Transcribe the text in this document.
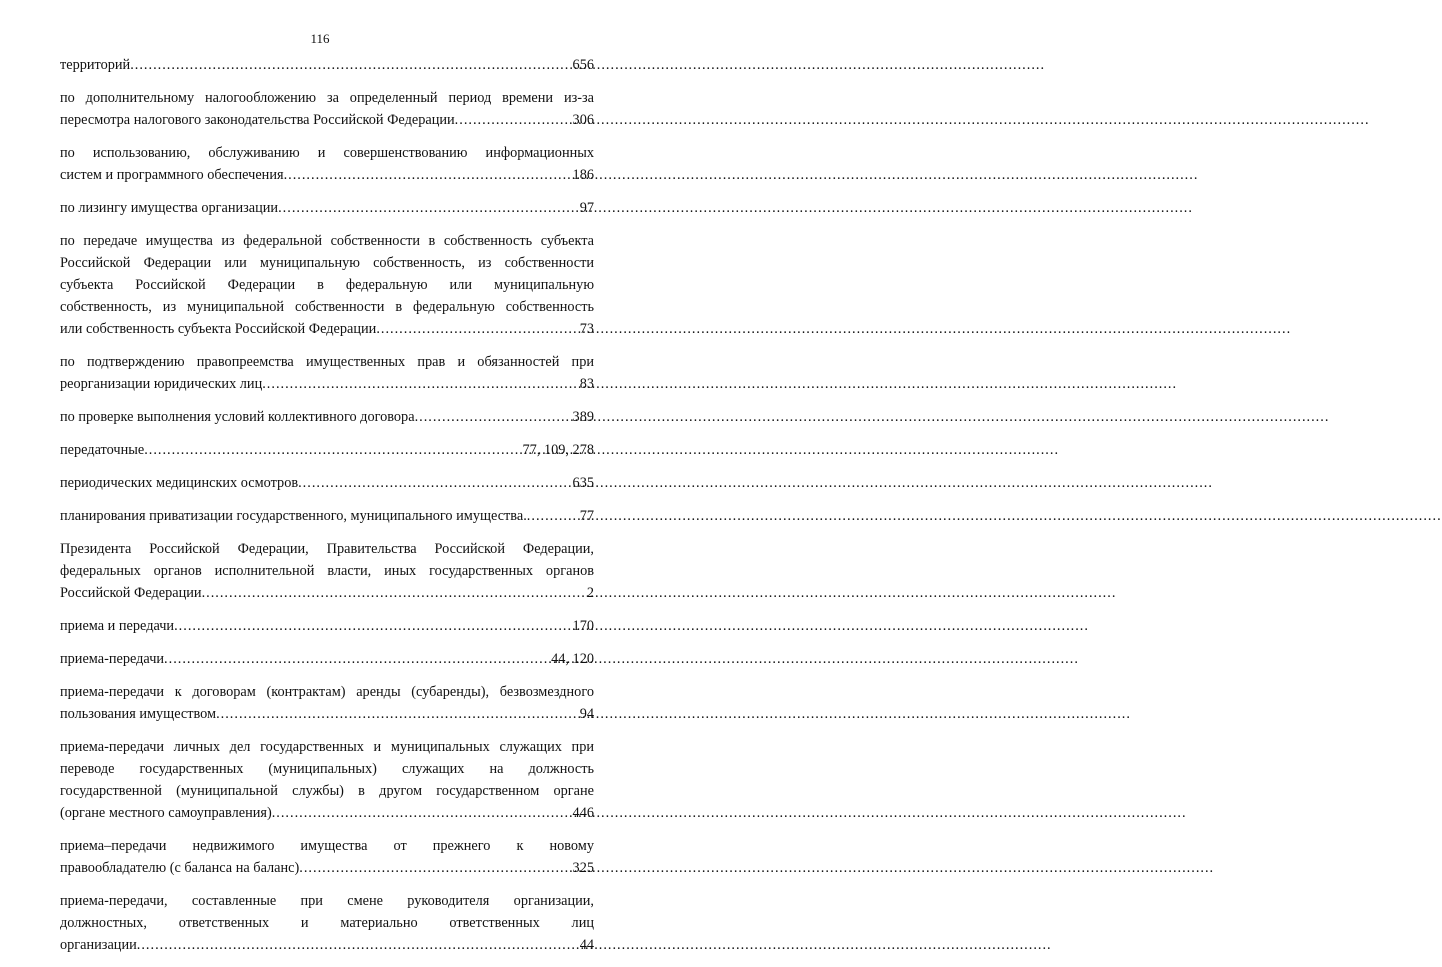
116
территорий .....	656
по дополнительному налогообложению за определенный период времени из-за
пересмотра налогового законодательства Российской Федерации .....	306
по использованию, обслуживанию и совершенствованию информационных
систем и программного обеспечения .....	186
по лизингу имущества организации .....	97
по передаче имущества из федеральной собственности в собственность субъекта
Российской Федерации или муниципальную собственность, из собственности
субъекта Российской Федерации в федеральную или муниципальную
собственность, из муниципальной собственности в федеральную собственность
или собственность субъекта Российской Федерации .....	73
по подтверждению правопреемства имущественных прав и обязанностей при
реорганизации юридических лиц .....	83
по проверке выполнения условий коллективного договора .....	389
передаточные .....	77, 109, 278
периодических медицинских осмотров .....	635
планирования приватизации государственного, муниципального имущества. .....	77
Президента Российской Федерации, Правительства Российской Федерации,
федеральных органов исполнительной власти, иных государственных органов
Российской Федерации .....	2
приема и передачи .....	170
приема-передачи .....	44, 120
приема-передачи к договорам (контрактам) аренды (субаренды), безвозмездного
пользования имуществом .....	94
приема-передачи личных дел государственных и муниципальных служащих при
переводе государственных (муниципальных) служащих на должность
государственной (муниципальной службы) в другом государственном органе
(органе местного самоуправления) .....	446
приема–передачи недвижимого имущества от прежнего к новому
правообладателю (с баланса на баланс) .....	325
приема-передачи, составленные при смене руководителя организации,
должностных, ответственных и материально ответственных лиц
организации .....	44
